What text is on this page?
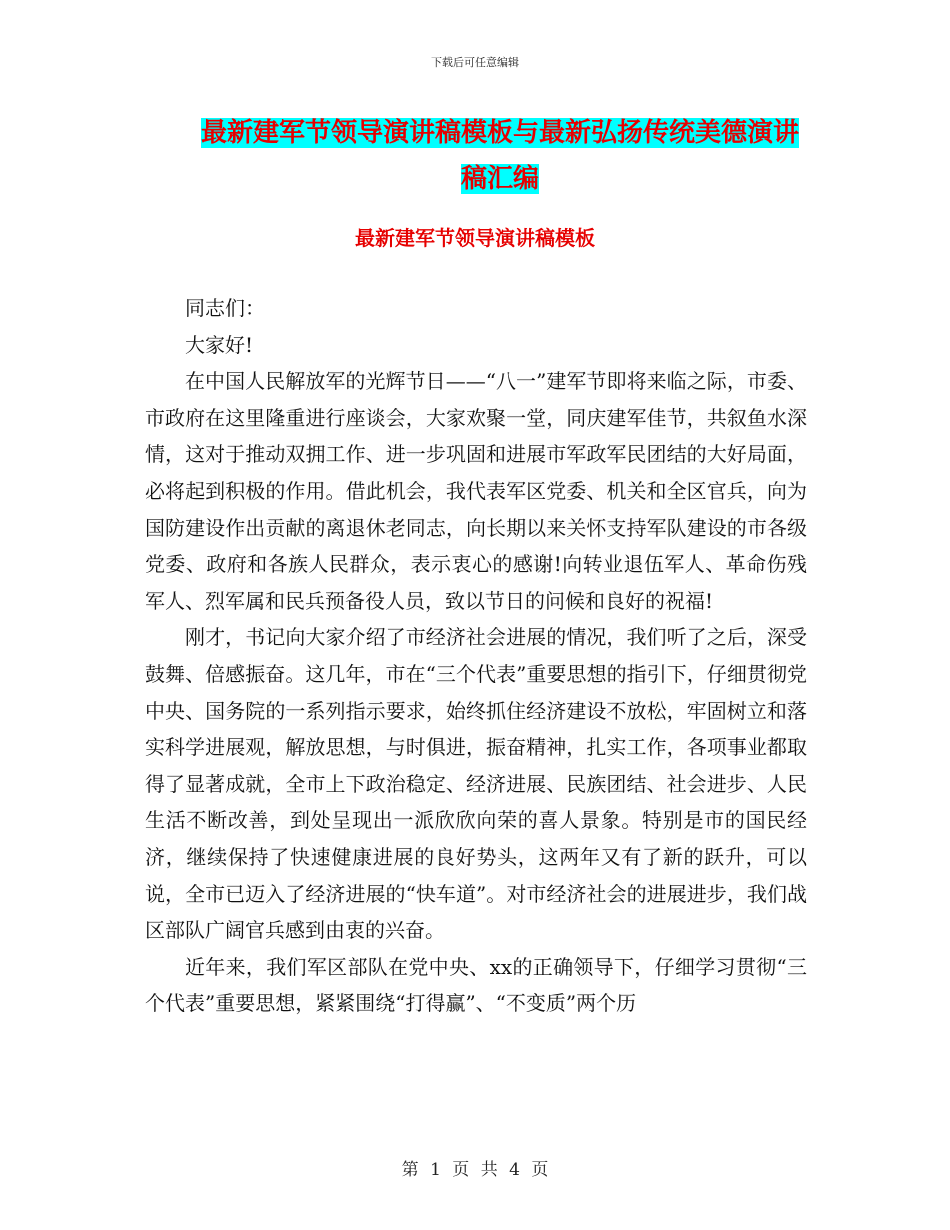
下载后可任意编辑
最新建军节领导演讲稿模板与最新弘扬传统美德演讲稿汇编
最新建军节领导演讲稿模板

同志们：

大家好!

在中国人民解放军的光辉节日——“八一”建军节即将来临之际，市委、市政府在这里隆重进行座谈会，大家欢聚一堂，同庆建军佳节，共叙鱼水深情，这对于推动双拥工作、进一步巩固和进展市军政军民团结的大好局面，必将起到积极的作用。借此机会，我代表军区党委、机关和全区官兵，向为国防建设作出贡献的离退休老同志，向长期以来关怀支持军队建设的市各级党委、政府和各族人民群众，表示衷心的感谢!向转业退伍军人、革命伤残军人、烈军属和民兵预备役人员，致以节日的问候和良好的祝福!

刚才，书记向大家介绍了市经济社会进展的情况，我们听了之后，深受鼓舞、倍感振奋。这几年，市在“三个代表”重要思想的指引下，仔细贯彻党中央、国务院的一系列指示要求，始终抓住经济建设不放松，牢固树立和落实科学进展观，解放思想，与时俱进，振奋精神，扎实工作，各项事业都取得了显著成就，全市上下政治稳定、经济进展、民族团结、社会进步、人民生活不断改善，到处呈现出一派欣欣向荣的喜人景象。特别是市的国民经济，继续保持了快速健康进展的良好势头，这两年又有了新的跃升，可以说，全市已迈入了经济进展的“快车道”。对市经济社会的进展进步，我们战区部队广阔官兵感到由衷的兴奋。

近年来，我们军区部队在党中央、xx的正确领导下，仔细学习贯彻“三个代表”重要思想，紧紧围绕“打得赢”、“不变质”两个历

第 1 页 共 4 页
